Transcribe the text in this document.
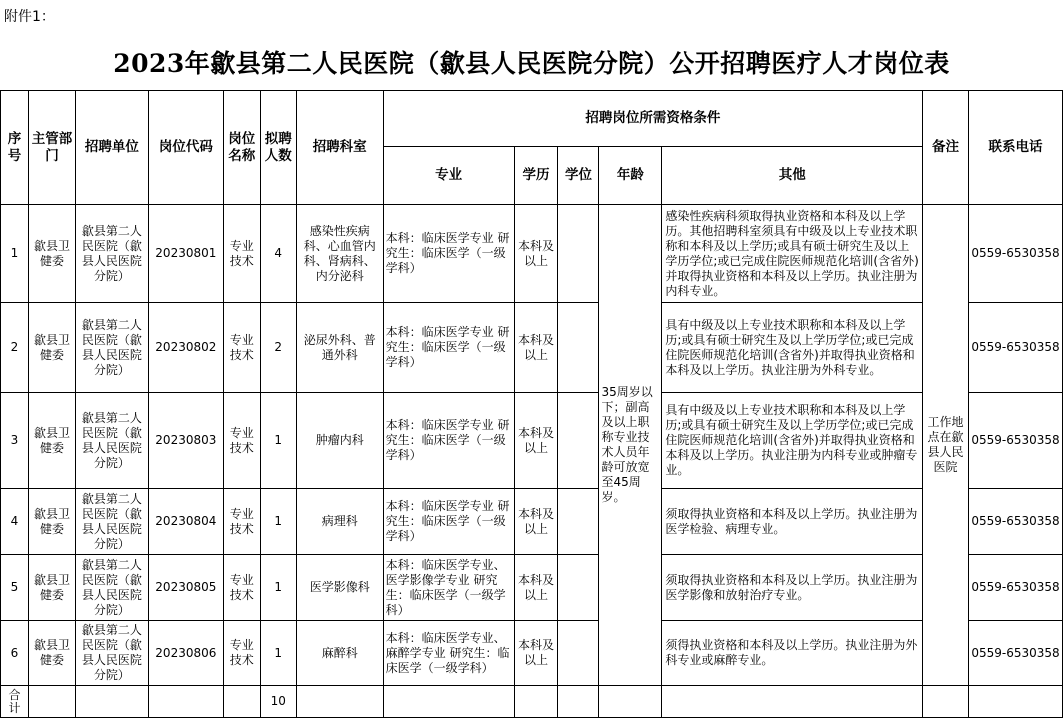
附件1：
2023年歙县第二人民医院（歙县人民医院分院）公开招聘医疗人才岗位表
序号	主管部门	招聘单位	岗位代码	岗位名称	拟聘人数	招聘科室	招聘岗位所需资格条件					备注	联系电话
							专业	学历	学位	年龄	其他		
1	歙县卫健委	歙县第二人民医院（歙县人民医院分院）	20230801	专业技术	4	感染性疾病科、心血管内科、肾病科、内分泌科	本科：临床医学专业 研究生：临床医学（一级学科）	本科及以上		35周岁以下；副高及以上职称专业技术人员年龄可放宽至45周岁。	感染性疾病科须取得执业资格和本科及以上学历。其他招聘科室须具有中级及以上专业技术职称和本科及以上学历;或具有硕士研究生及以上学历学位;或已完成住院医师规范化培训(含省外)并取得执业资格和本科及以上学历。执业注册为内科专业。	工作地点在歙县人民医院	0559-6530358
2	歙县卫健委	歙县第二人民医院（歙县人民医院分院）	20230802	专业技术	2	泌尿外科、普通外科	本科：临床医学专业 研究生：临床医学（一级学科）	本科及以上			具有中级及以上专业技术职称和本科及以上学历;或具有硕士研究生及以上学历学位;或已完成住院医师规范化培训(含省外)并取得执业资格和本科及以上学历。执业注册为外科专业。		0559-6530358
3	歙县卫健委	歙县第二人民医院（歙县人民医院分院）	20230803	专业技术	1	肿瘤内科	本科：临床医学专业 研究生：临床医学（一级学科）	本科及以上			具有中级及以上专业技术职称和本科及以上学历;或具有硕士研究生及以上学历学位;或已完成住院医师规范化培训(含省外)并取得执业资格和本科及以上学历。执业注册为内科专业或肿瘤专业。		0559-6530358
4	歙县卫健委	歙县第二人民医院（歙县人民医院分院）	20230804	专业技术	1	病理科	本科：临床医学专业 研究生：临床医学（一级学科）	本科及以上			须取得执业资格和本科及以上学历。执业注册为医学检验、病理专业。		0559-6530358
5	歙县卫健委	歙县第二人民医院（歙县人民医院分院）	20230805	专业技术	1	医学影像科	本科：临床医学专业、医学影像学专业 研究生：临床医学（一级学科）	本科及以上			须取得执业资格和本科及以上学历。执业注册为医学影像和放射治疗专业。		0559-6530358
6	歙县卫健委	歙县第二人民医院（歙县人民医院分院）	20230806	专业技术	1	麻醉科	本科：临床医学专业、麻醉学专业 研究生：临床医学（一级学科）	本科及以上			须得执业资格和本科及以上学历。执业注册为外科专业或麻醉专业。		0559-6530358
合计					10								
